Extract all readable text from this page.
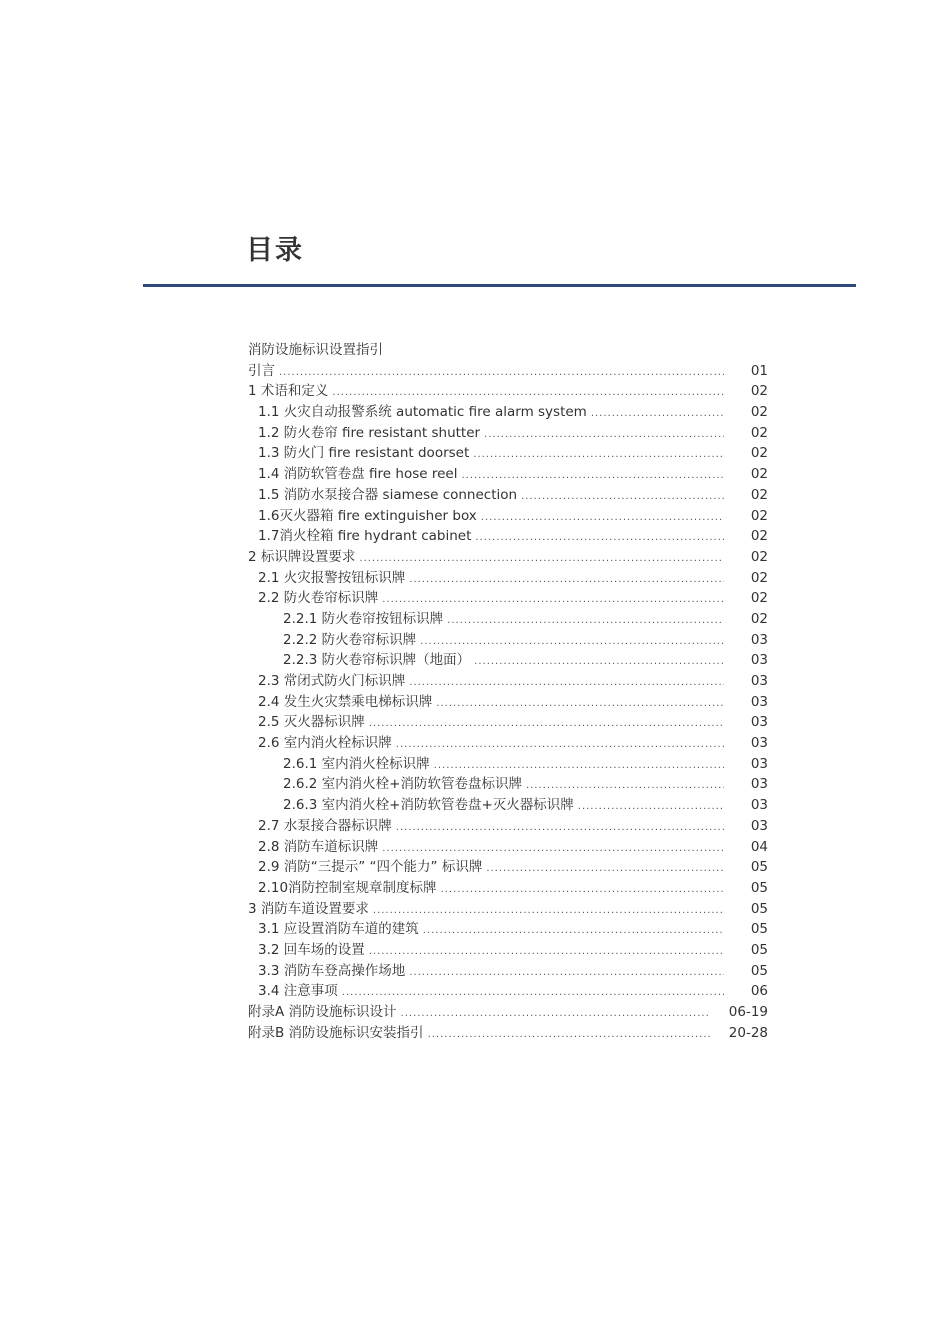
目录
消防设施标识设置指引
引言 .....	01
1 术语和定义 .....	02
1.1 火灾自动报警系统 automatic fire alarm system .....	02
1.2 防火卷帘 fire resistant shutter .....	02
1.3 防火门 fire resistant doorset .....	02
1.4 消防软管卷盘 fire hose reel .....	02
1.5 消防水泵接合器 siamese connection .....	02
1.6灭火器箱 fire extinguisher box .....	02
1.7消火栓箱 fire hydrant cabinet .....	02
2 标识牌设置要求 .....	02
2.1 火灾报警按钮标识牌 .....	02
2.2 防火卷帘标识牌 .....	02
2.2.1 防火卷帘按钮标识牌 .....	02
2.2.2 防火卷帘标识牌 .....	03
2.2.3 防火卷帘标识牌（地面） .....	03
2.3 常闭式防火门标识牌 .....	03
2.4 发生火灾禁乘电梯标识牌 .....	03
2.5 灭火器标识牌 .....	03
2.6 室内消火栓标识牌 .....	03
2.6.1 室内消火栓标识牌 .....	03
2.6.2 室内消火栓+消防软管卷盘标识牌 .....	03
2.6.3 室内消火栓+消防软管卷盘+灭火器标识牌 .....	03
2.7 水泵接合器标识牌 .....	03
2.8 消防车道标识牌 .....	04
2.9 消防“三提示” “四个能力” 标识牌 .....	05
2.10消防控制室规章制度标牌 .....	05
3 消防车道设置要求 .....	05
3.1 应设置消防车道的建筑 .....	05
3.2 回车场的设置 .....	05
3.3 消防车登高操作场地 .....	05
3.4 注意事项 .....	06
附录A 消防设施标识设计 .....	06-19
附录B 消防设施标识安装指引 .....	20-28
